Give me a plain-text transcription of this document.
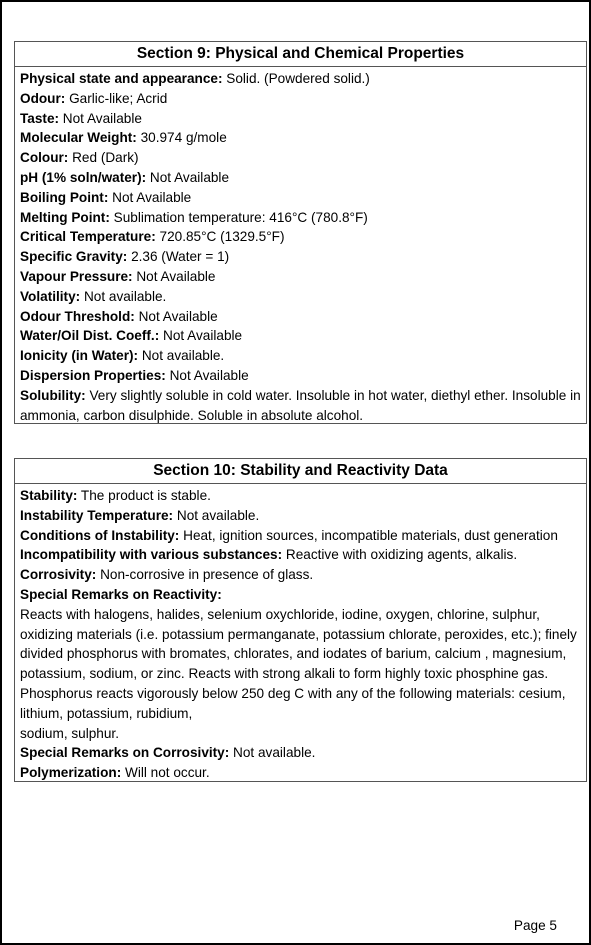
Section 9: Physical and Chemical Properties
Physical state and appearance: Solid. (Powdered solid.)
Odour: Garlic-like; Acrid
Taste: Not Available
Molecular Weight: 30.974 g/mole
Colour: Red (Dark)
pH (1% soln/water): Not Available
Boiling Point: Not Available
Melting Point: Sublimation temperature: 416°C (780.8°F)
Critical Temperature: 720.85°C (1329.5°F)
Specific Gravity: 2.36 (Water = 1)
Vapour Pressure: Not Available
Volatility: Not available.
Odour Threshold: Not Available
Water/Oil Dist. Coeff.: Not Available
Ionicity (in Water): Not available.
Dispersion Properties: Not Available
Solubility: Very slightly soluble in cold water. Insoluble in hot water, diethyl ether. Insoluble in ammonia, carbon disulphide. Soluble in absolute alcohol.
Section 10: Stability and Reactivity Data
Stability: The product is stable.
Instability Temperature: Not available.
Conditions of Instability: Heat, ignition sources, incompatible materials, dust generation
Incompatibility with various substances: Reactive with oxidizing agents, alkalis.
Corrosivity: Non-corrosive in presence of glass.
Special Remarks on Reactivity:
Reacts with halogens, halides, selenium oxychloride, iodine, oxygen, chlorine, sulphur, oxidizing materials (i.e. potassium permanganate, potassium chlorate, peroxides, etc.); finely divided phosphorus with bromates, chlorates, and iodates of barium, calcium , magnesium, potassium, sodium, or zinc. Reacts with strong alkali to form highly toxic phosphine gas. Phosphorus reacts vigorously below 250 deg C with any of the following materials: cesium, lithium, potassium, rubidium,
sodium, sulphur.
Special Remarks on Corrosivity: Not available.
Polymerization: Will not occur.
Page 5
